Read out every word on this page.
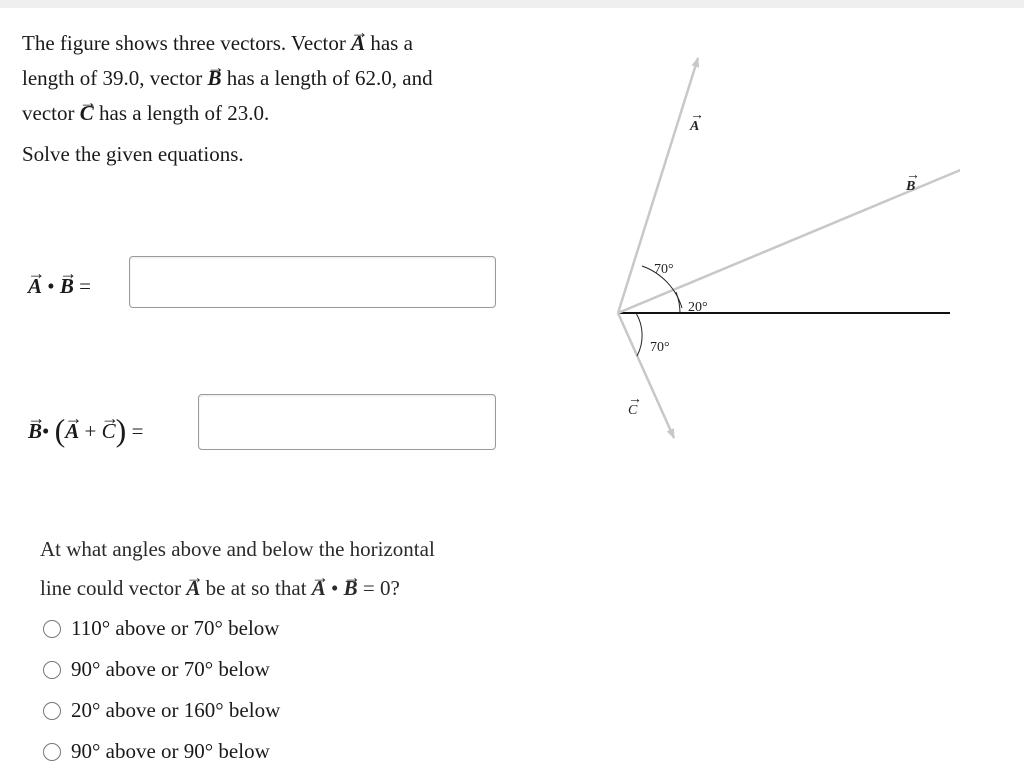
The figure shows three vectors. Vector → A has a

length of 39.0, vector → B has a length of 62.0, and

vector → C has a length of 23.0.

Solve the given equations.
→ A • → B =
→ B• (→ A + → C) =

At what angles above and below the horizontal

line could vector → A be at so that → A • → B = 0?

110° above or 70° below
90° above or 70° below
20° above or 160° below
90° above or 90° below
70°
20°
70°
A
B
C
→
→
→
